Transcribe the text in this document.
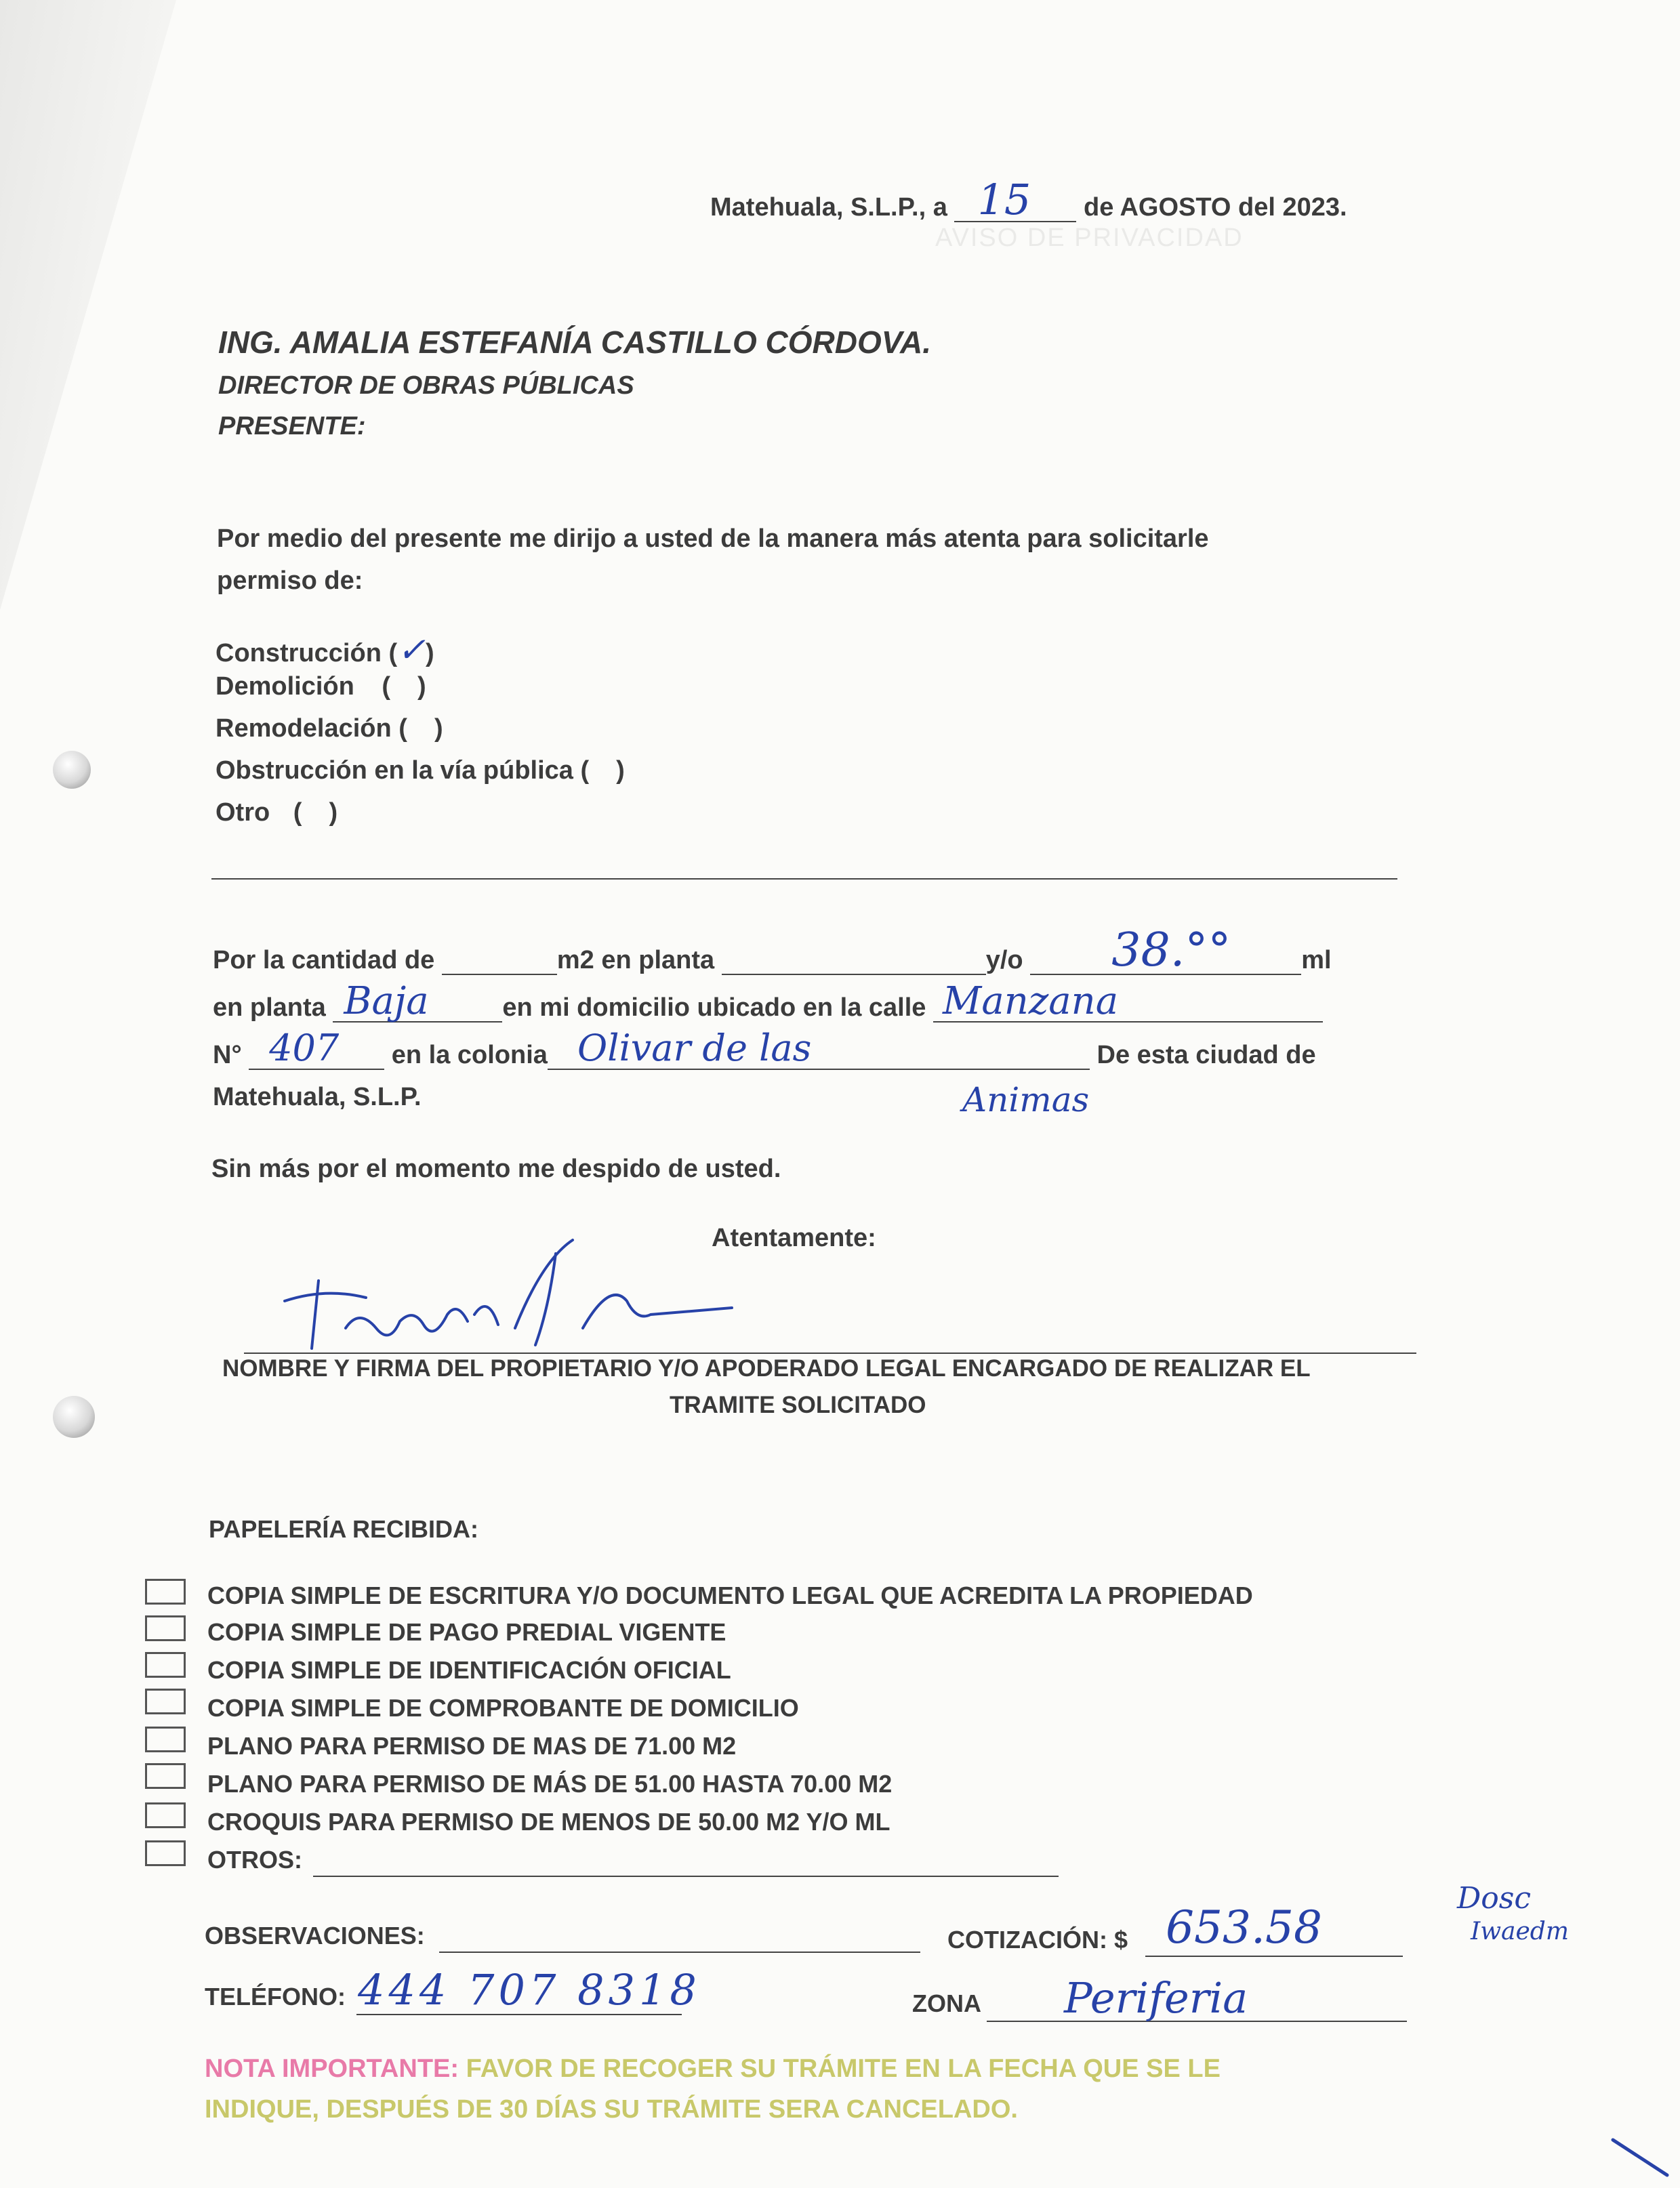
AVISO DE PRIVACIDAD
Matehuala, S.L.P., a 15 de AGOSTO del 2023.
ING. AMALIA ESTEFANÍA CASTILLO CÓRDOVA.
DIRECTOR DE OBRAS PÚBLICAS
PRESENTE:
Por medio del presente me dirijo a usted de la manera más atenta para solicitarle
permiso de:
Construcción (✓)
Demolición ( )
Remodelación ( )
Obstrucción en la vía pública ( )
Otro ( )
Por la cantidad de	m2 en planta	y/o 38.°°	ml
en planta Baja	en mi domicilio ubicado en la calle Manzana
N° 407 en la colonia Olivar de las	De esta ciudad de
Animas
Matehuala, S.L.P.
Sin más por el momento me despido de usted.
Atentamente:
NOMBRE Y FIRMA DEL PROPIETARIO Y/O APODERADO LEGAL ENCARGADO DE REALIZAR EL
TRAMITE SOLICITADO
PAPELERÍA RECIBIDA:
COPIA SIMPLE DE ESCRITURA Y/O DOCUMENTO LEGAL QUE ACREDITA LA PROPIEDAD
COPIA SIMPLE DE PAGO PREDIAL VIGENTE
COPIA SIMPLE DE IDENTIFICACIÓN OFICIAL
COPIA SIMPLE DE COMPROBANTE DE DOMICILIO
PLANO PARA PERMISO DE MAS DE 71.00 M2
PLANO PARA PERMISO DE MÁS DE 51.00 HASTA 70.00 M2
CROQUIS PARA PERMISO DE MENOS DE 50.00 M2 Y/O ML
OTROS:
OBSERVACIONES:	COTIZACIÓN: $ 653.58
Dosc
Iwaedm
TELÉFONO: 444 707 8318	ZONA Periferia
NOTA IMPORTANTE: FAVOR DE RECOGER SU TRÁMITE EN LA FECHA QUE SE LE
INDIQUE, DESPUÉS DE 30 DÍAS SU TRÁMITE SERA CANCELADO.
